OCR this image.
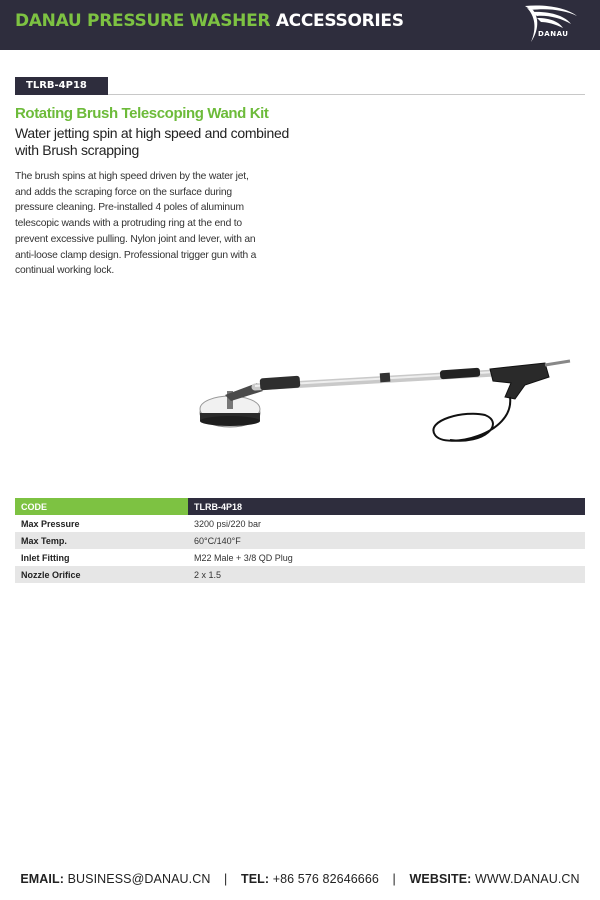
DANAU PRESSURE WASHER ACCESSORIES
DANAU
TLRB-4P18
Rotating Brush Telescoping Wand Kit
Water jetting spin at high speed and combined with Brush scrapping
The brush spins at high speed driven by the water jet, and adds the scraping force on the surface during pressure cleaning. Pre-installed 4 poles of aluminum telescopic wands with a protruding ring at the end to prevent excessive pulling. Nylon joint and lever, with an anti-loose clamp design. Professional trigger gun with a continual working lock.
CODE	TLRB-4P18
Max Pressure	3200 psi/220 bar
Max Temp.	60°C/140°F
Inlet Fitting	M22 Male + 3/8 QD Plug
Nozzle Orifice	2 x 1.5
EMAIL: BUSINESS@DANAU.CN | TEL: +86 576 82646666 | WEBSITE: WWW.DANAU.CN
